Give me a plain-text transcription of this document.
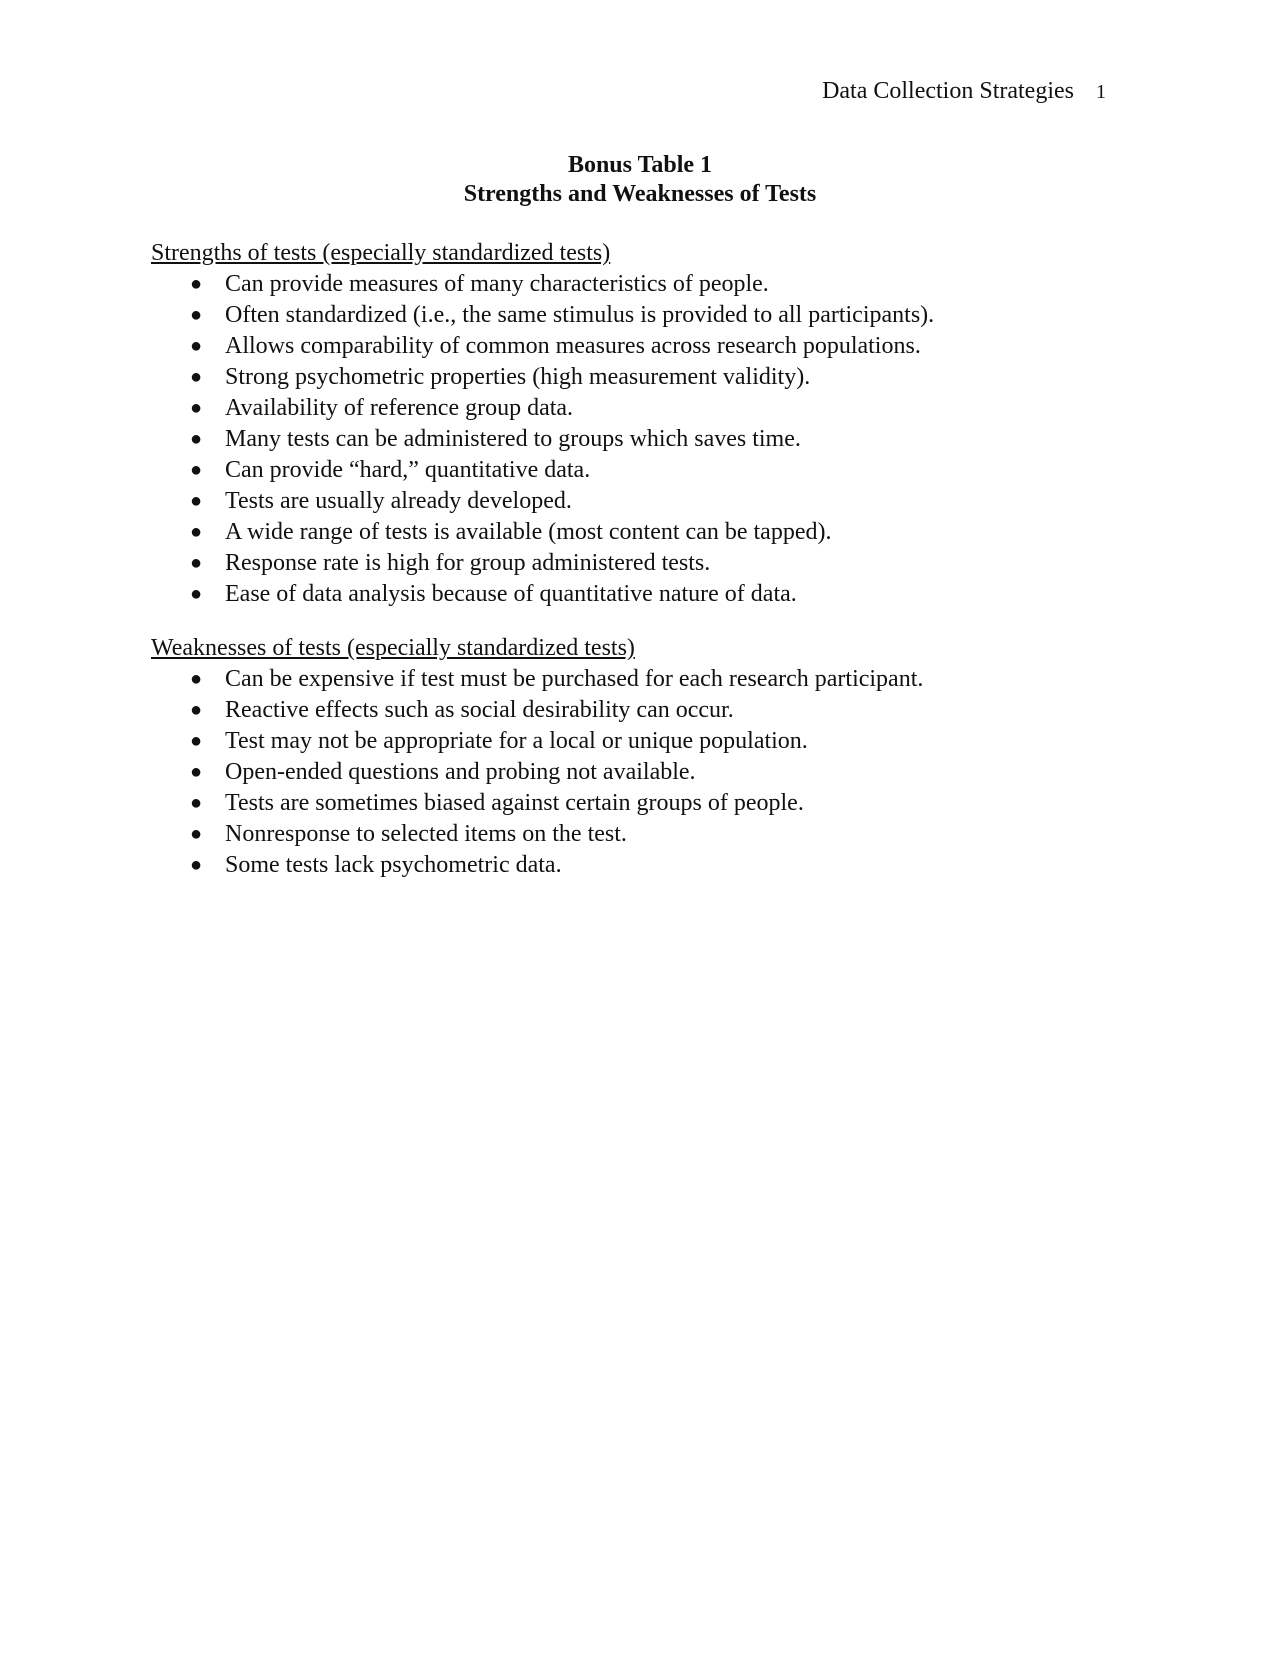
Data Collection Strategies 1
Bonus Table 1
Strengths and Weaknesses of Tests
Strengths of tests (especially standardized tests)
● Can provide measures of many characteristics of people.
● Often standardized (i.e., the same stimulus is provided to all participants).
● Allows comparability of common measures across research populations.
● Strong psychometric properties (high measurement validity).
● Availability of reference group data.
● Many tests can be administered to groups which saves time.
● Can provide “hard,” quantitative data.
● Tests are usually already developed.
● A wide range of tests is available (most content can be tapped).
● Response rate is high for group administered tests.
● Ease of data analysis because of quantitative nature of data.
Weaknesses of tests (especially standardized tests)
● Can be expensive if test must be purchased for each research participant.
● Reactive effects such as social desirability can occur.
● Test may not be appropriate for a local or unique population.
● Open-ended questions and probing not available.
● Tests are sometimes biased against certain groups of people.
● Nonresponse to selected items on the test.
● Some tests lack psychometric data.
